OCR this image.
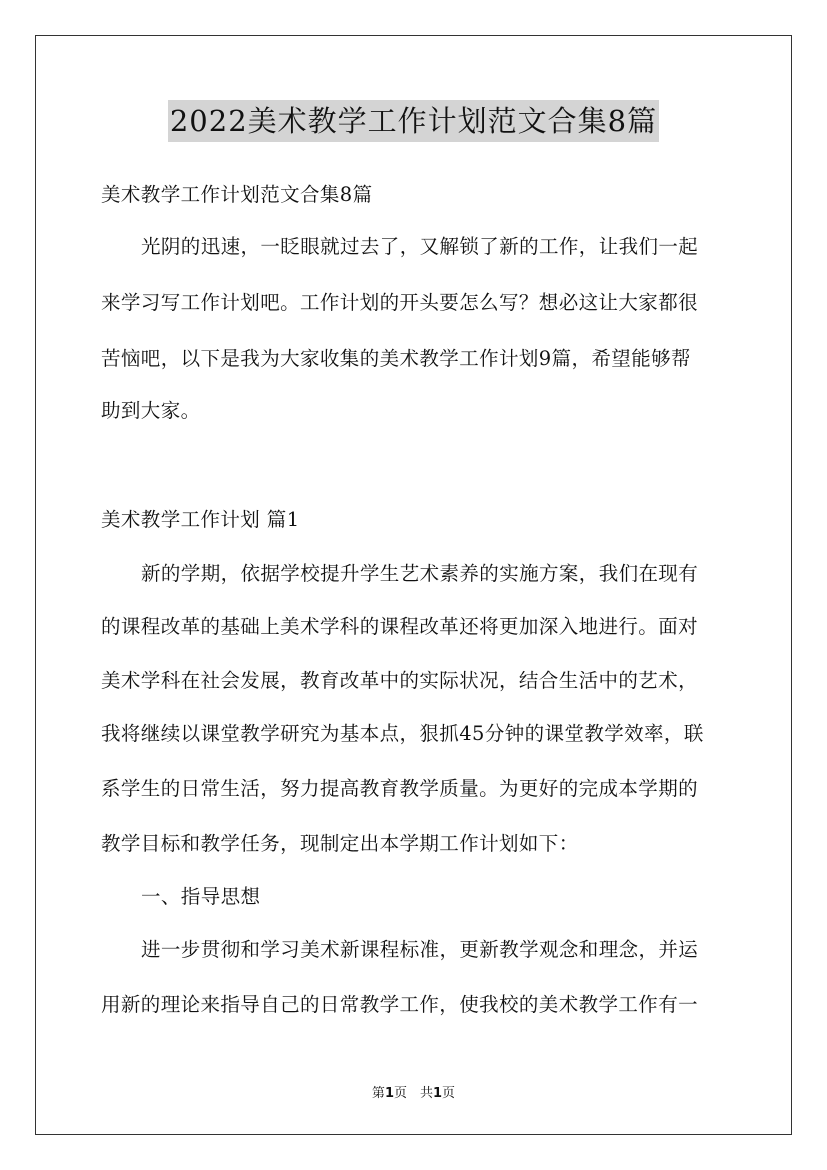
2022美术教学工作计划范文合集8篇
美术教学工作计划范文合集8篇
光阴的迅速，一眨眼就过去了，又解锁了新的工作，让我们一起
来学习写工作计划吧。工作计划的开头要怎么写？想必这让大家都很
苦恼吧，以下是我为大家收集的美术教学工作计划9篇，希望能够帮
助到大家。
美术教学工作计划 篇1
新的学期，依据学校提升学生艺术素养的实施方案，我们在现有
的课程改革的基础上美术学科的课程改革还将更加深入地进行。面对
美术学科在社会发展，教育改革中的实际状况，结合生活中的艺术，
我将继续以课堂教学研究为基本点，狠抓45分钟的课堂教学效率，联
系学生的日常生活，努力提高教育教学质量。为更好的完成本学期的
教学目标和教学任务，现制定出本学期工作计划如下：
一、指导思想
进一步贯彻和学习美术新课程标准，更新教学观念和理念，并运
用新的理论来指导自己的日常教学工作，使我校的美术教学工作有一
第1页　共1页
